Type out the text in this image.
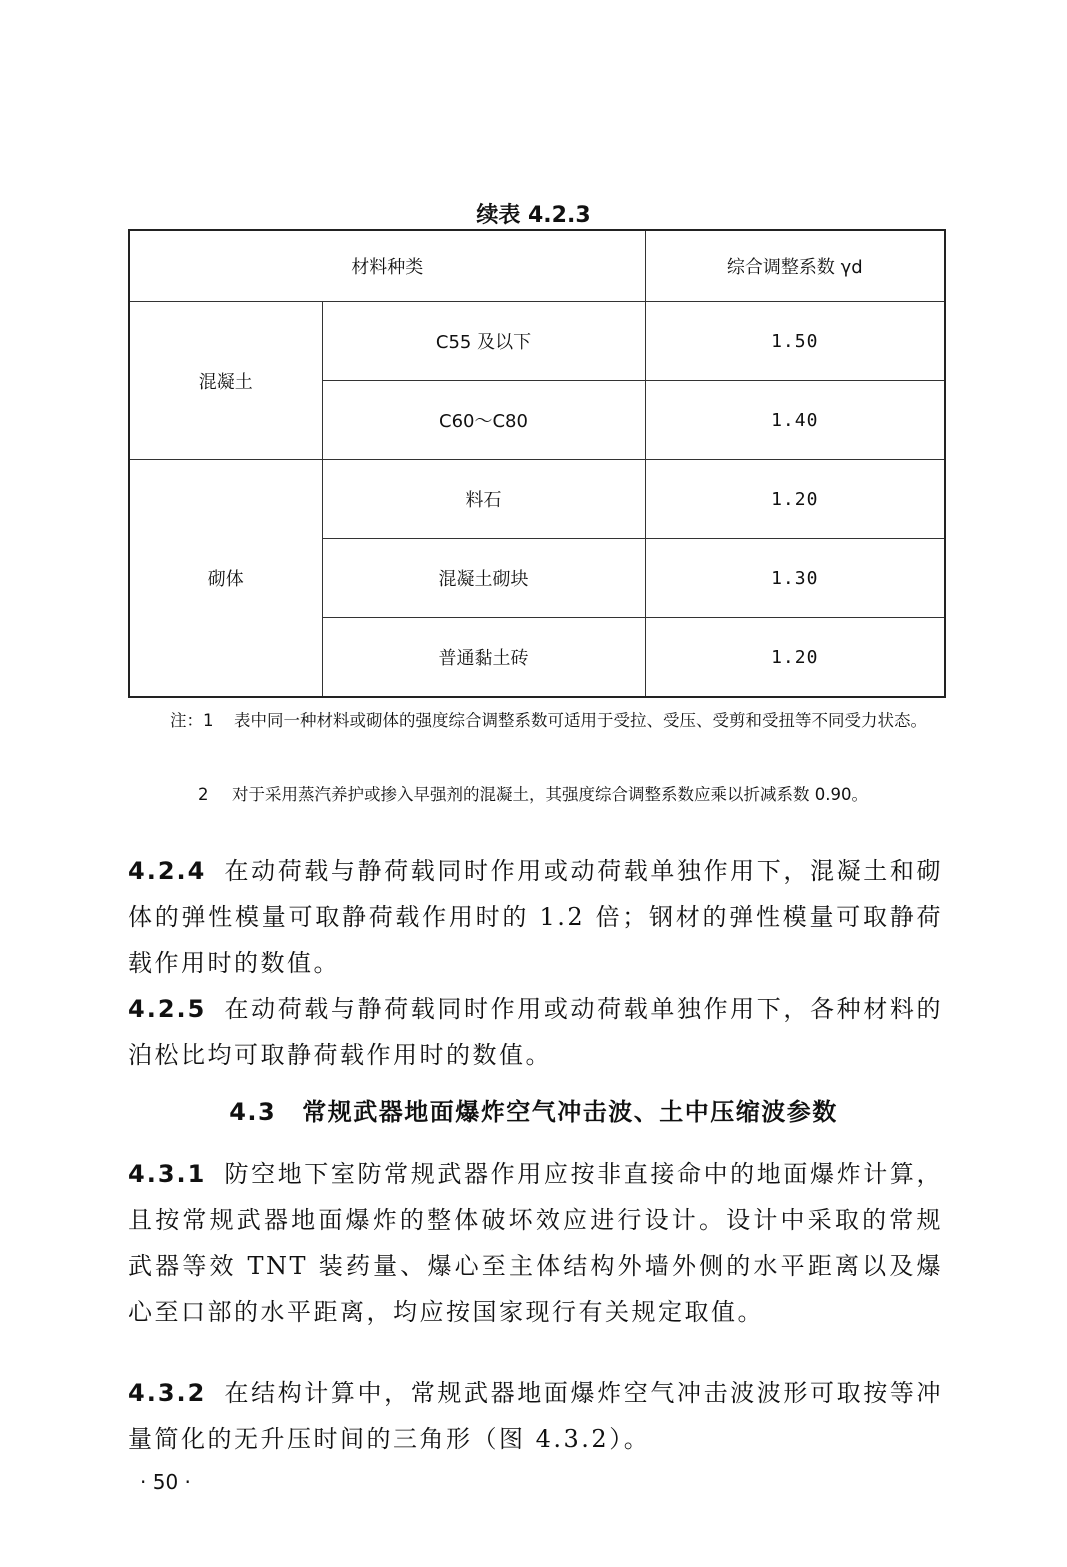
续表 4.2.3
材料种类		综合调整系数 γd
混凝土	C55 及以下	1.50
	C60～C80	1.40
砌体	料石	1.20
	混凝土砌块	1.30
	普通黏土砖	1.20
注：1 表中同一种材料或砌体的强度综合调整系数可适用于受拉、受压、受剪和受扭等不同受力状态。
2 对于采用蒸汽养护或掺入早强剂的混凝土，其强度综合调整系数应乘以折减系数 0.90。
4.2.4 在动荷载与静荷载同时作用或动荷载单独作用下，混凝土和砌体的弹性模量可取静荷载作用时的 1.2 倍；钢材的弹性模量可取静荷载作用时的数值。
4.2.5 在动荷载与静荷载同时作用或动荷载单独作用下，各种材料的泊松比均可取静荷载作用时的数值。
4.3 常规武器地面爆炸空气冲击波、土中压缩波参数
4.3.1 防空地下室防常规武器作用应按非直接命中的地面爆炸计算，且按常规武器地面爆炸的整体破坏效应进行设计。设计中采取的常规武器等效 TNT 装药量、爆心至主体结构外墙外侧的水平距离以及爆心至口部的水平距离，均应按国家现行有关规定取值。
4.3.2 在结构计算中，常规武器地面爆炸空气冲击波波形可取按等冲量简化的无升压时间的三角形（图 4.3.2）。
· 50 ·
